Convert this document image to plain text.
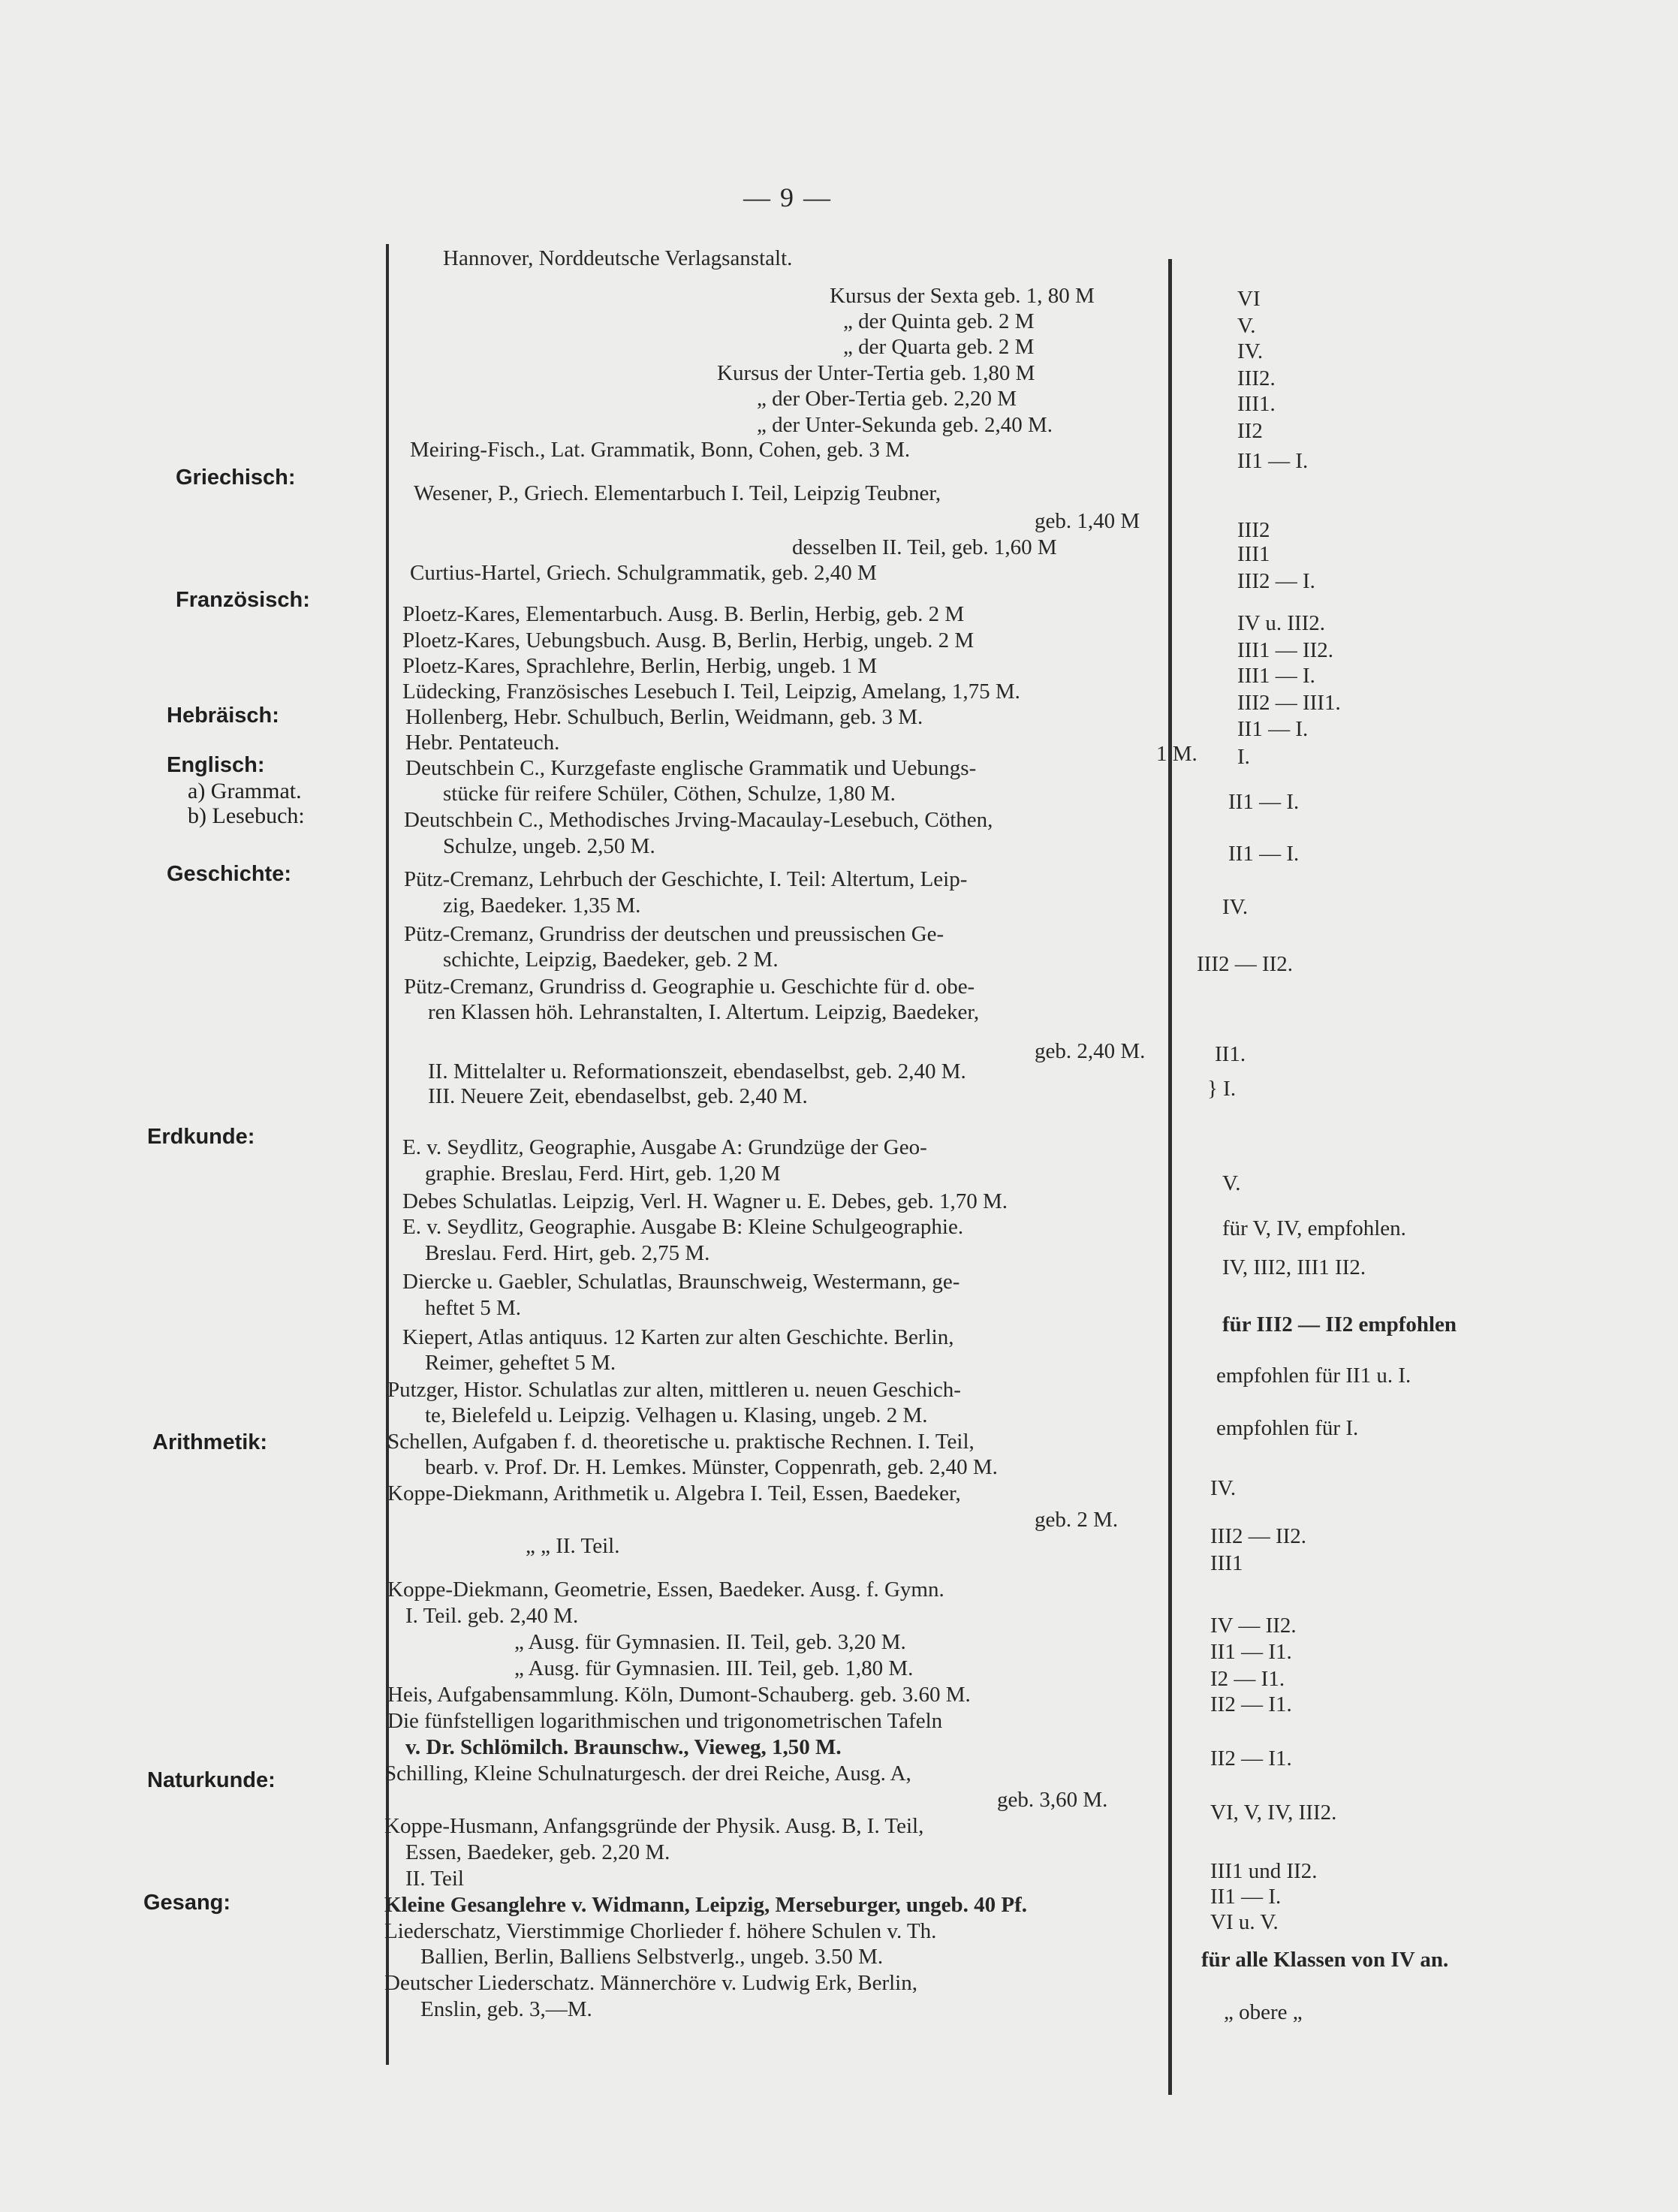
— 9 —
Griechisch:
Französisch:
Hebräisch:
Englisch:
a) Grammat.
b) Lesebuch:
Geschichte:
Erdkunde:
Arithmetik:
Naturkunde:
Gesang:
Hannover, Norddeutsche Verlagsanstalt.
Kursus der Sexta geb. 1, 80 M
„ der Quinta geb. 2 M
„ der Quarta geb. 2 M
Kursus der Unter-Tertia geb. 1,80 M
„ der Ober-Tertia geb. 2,20 M
„ der Unter-Sekunda geb. 2,40 M.
Meiring-Fisch., Lat. Grammatik, Bonn, Cohen, geb. 3 M.
Wesener, P., Griech. Elementarbuch I. Teil, Leipzig Teubner,
geb. 1,40 M
desselben II. Teil, geb. 1,60 M
Curtius-Hartel, Griech. Schulgrammatik, geb. 2,40 M
Ploetz-Kares, Elementarbuch. Ausg. B. Berlin, Herbig, geb. 2 M
Ploetz-Kares, Uebungsbuch. Ausg. B, Berlin, Herbig, ungeb. 2 M
Ploetz-Kares, Sprachlehre, Berlin, Herbig, ungeb. 1 M
Lüdecking, Französisches Lesebuch I. Teil, Leipzig, Amelang, 1,75 M.
Hollenberg, Hebr. Schulbuch, Berlin, Weidmann, geb. 3 M.
Hebr. Pentateuch.	1 M.
Deutschbein C., Kurzgefaste englische Grammatik und Uebungs-
stücke für reifere Schüler, Cöthen, Schulze, 1,80 M.
Deutschbein C., Methodisches Jrving-Macaulay-Lesebuch, Cöthen,
Schulze, ungeb. 2,50 M.
Pütz-Cremanz, Lehrbuch der Geschichte, I. Teil: Altertum, Leip-
zig, Baedeker. 1,35 M.
Pütz-Cremanz, Grundriss der deutschen und preussischen Ge-
schichte, Leipzig, Baedeker, geb. 2 M.
Pütz-Cremanz, Grundriss d. Geographie u. Geschichte für d. obe-
ren Klassen höh. Lehranstalten, I. Altertum. Leipzig, Baedeker,
geb. 2,40 M.
II. Mittelalter u. Reformationszeit, ebendaselbst, geb. 2,40 M.
III. Neuere Zeit, ebendaselbst, geb. 2,40 M.
E. v. Seydlitz, Geographie, Ausgabe A: Grundzüge der Geo-
graphie. Breslau, Ferd. Hirt, geb. 1,20 M
Debes Schulatlas. Leipzig, Verl. H. Wagner u. E. Debes, geb. 1,70 M.
E. v. Seydlitz, Geographie. Ausgabe B: Kleine Schulgeographie.
Breslau. Ferd. Hirt, geb. 2,75 M.
Diercke u. Gaebler, Schulatlas, Braunschweig, Westermann, ge-
heftet 5 M.
Kiepert, Atlas antiquus. 12 Karten zur alten Geschichte. Berlin,
Reimer, geheftet 5 M.
Putzger, Histor. Schulatlas zur alten, mittleren u. neuen Geschich-
te, Bielefeld u. Leipzig. Velhagen u. Klasing, ungeb. 2 M.
Schellen, Aufgaben f. d. theoretische u. praktische Rechnen. I. Teil,
bearb. v. Prof. Dr. H. Lemkes. Münster, Coppenrath, geb. 2,40 M.
Koppe-Diekmann, Arithmetik u. Algebra I. Teil, Essen, Baedeker,
geb. 2 M.
„ „ II. Teil.
Koppe-Diekmann, Geometrie, Essen, Baedeker. Ausg. f. Gymn.
I. Teil. geb. 2,40 M.
„ Ausg. für Gymnasien. II. Teil, geb. 3,20 M.
„ Ausg. für Gymnasien. III. Teil, geb. 1,80 M.
Heis, Aufgabensammlung. Köln, Dumont-Schauberg. geb. 3.60 M.
Die fünfstelligen logarithmischen und trigonometrischen Tafeln
v. Dr. Schlömilch. Braunschw., Vieweg, 1,50 M.
Schilling, Kleine Schulnaturgesch. der drei Reiche, Ausg. A,
geb. 3,60 M.
Koppe-Husmann, Anfangsgründe der Physik. Ausg. B, I. Teil,
Essen, Baedeker, geb. 2,20 M.
II. Teil
Kleine Gesanglehre v. Widmann, Leipzig, Merseburger, ungeb. 40 Pf.
Liederschatz, Vierstimmige Chorlieder f. höhere Schulen v. Th.
Ballien, Berlin, Balliens Selbstverlg., ungeb. 3.50 M.
Deutscher Liederschatz. Männerchöre v. Ludwig Erk, Berlin,
Enslin, geb. 3,—M.
VI
V.
IV.
III2.
III1.
II2
II1 — I.
III2
III1
III2 — I.
IV u. III2.
III1 — II2.
III1 — I.
III2 — III1.
II1 — I.
I.
II1 — I.
II1 — I.
IV.
III2 — II2.
II1.
} I.
V.
für V, IV, empfohlen.
IV, III2, III1 II2.
für III2 — II2 empfohlen
empfohlen für II1 u. I.
empfohlen für I.
IV.
III2 — II2.
III1
IV — II2.
II1 — I1.
I2 — I1.
II2 — I1.
II2 — I1.
VI, V, IV, III2.
III1 und II2.
II1 — I.
VI u. V.
für alle Klassen von IV an.
„ obere „
